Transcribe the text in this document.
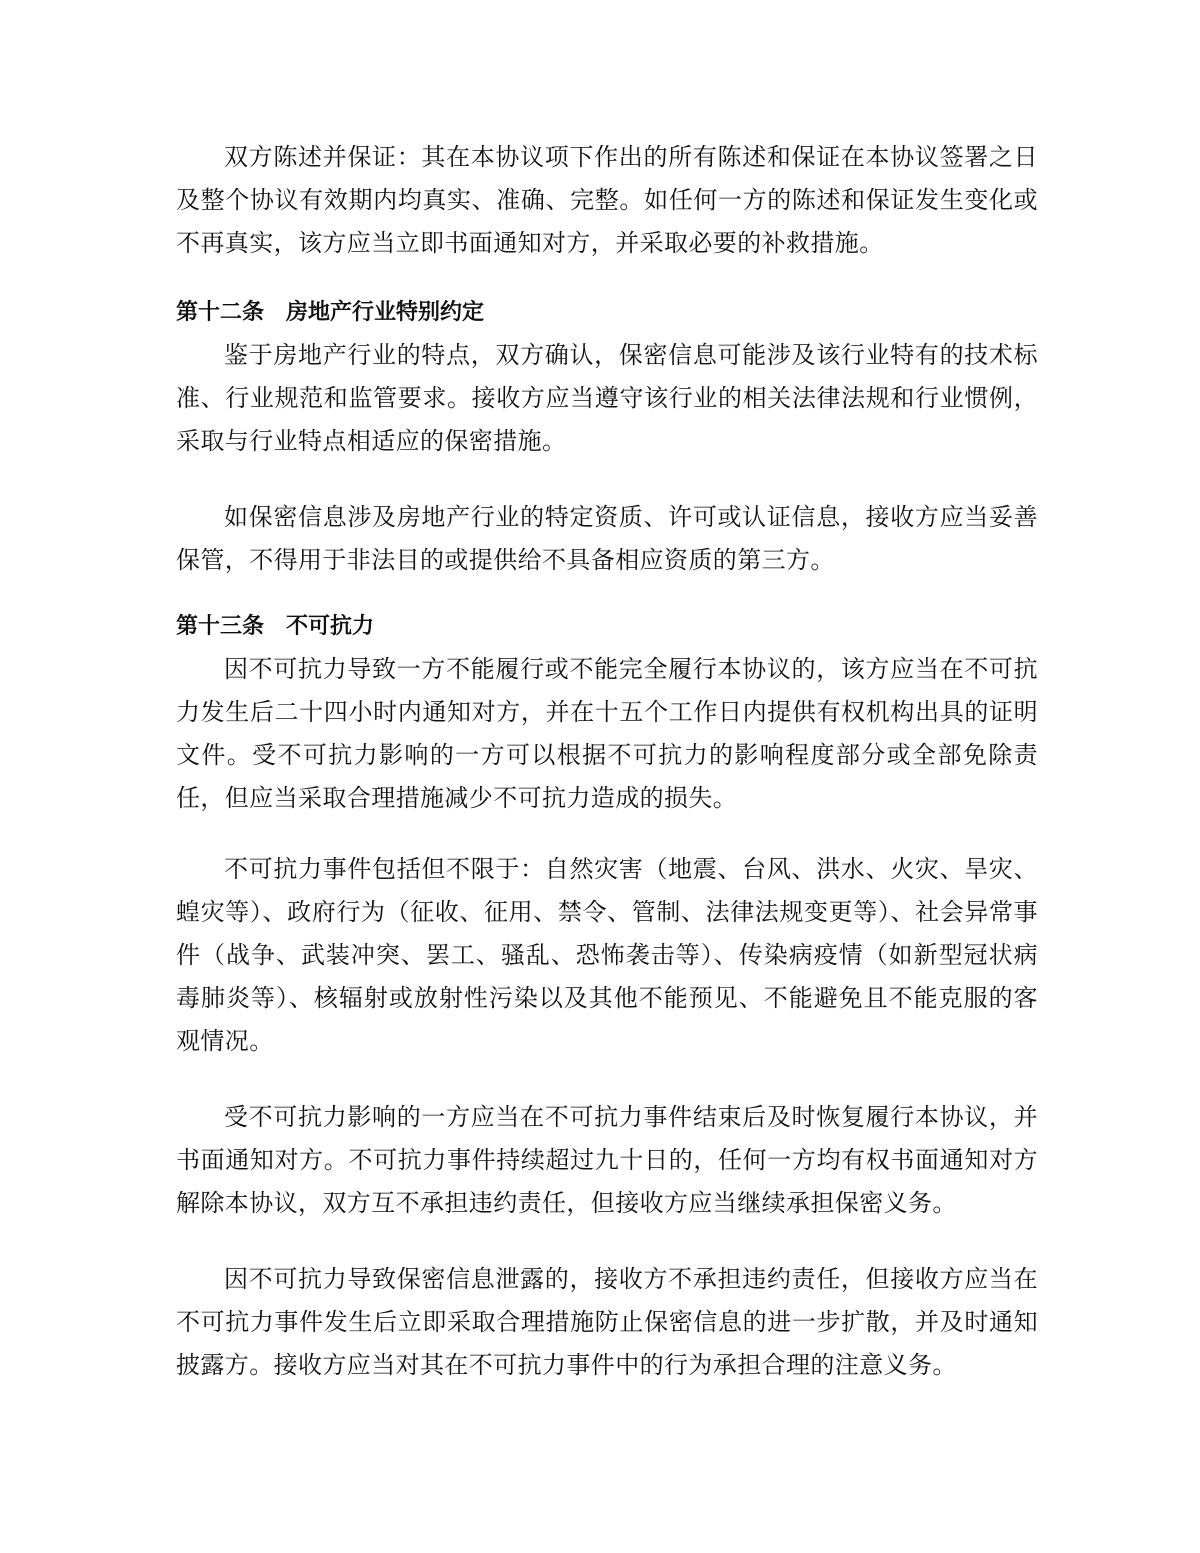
双方陈述并保证：其在本协议项下作出的所有陈述和保证在本协议签署之日及整个协议有效期内均真实、准确、完整。如任何一方的陈述和保证发生变化或不再真实，该方应当立即书面通知对方，并采取必要的补救措施。

第十二条　房地产行业特别约定

鉴于房地产行业的特点，双方确认，保密信息可能涉及该行业特有的技术标准、行业规范和监管要求。接收方应当遵守该行业的相关法律法规和行业惯例，采取与行业特点相适应的保密措施。

如保密信息涉及房地产行业的特定资质、许可或认证信息，接收方应当妥善保管，不得用于非法目的或提供给不具备相应资质的第三方。

第十三条　不可抗力

因不可抗力导致一方不能履行或不能完全履行本协议的，该方应当在不可抗力发生后二十四小时内通知对方，并在十五个工作日内提供有权机构出具的证明文件。受不可抗力影响的一方可以根据不可抗力的影响程度部分或全部免除责任，但应当采取合理措施减少不可抗力造成的损失。

不可抗力事件包括但不限于：自然灾害（地震、台风、洪水、火灾、旱灾、蝗灾等）、政府行为（征收、征用、禁令、管制、法律法规变更等）、社会异常事件（战争、武装冲突、罢工、骚乱、恐怖袭击等）、传染病疫情（如新型冠状病毒肺炎等）、核辐射或放射性污染以及其他不能预见、不能避免且不能克服的客观情况。

受不可抗力影响的一方应当在不可抗力事件结束后及时恢复履行本协议，并书面通知对方。不可抗力事件持续超过九十日的，任何一方均有权书面通知对方解除本协议，双方互不承担违约责任，但接收方应当继续承担保密义务。

因不可抗力导致保密信息泄露的，接收方不承担违约责任，但接收方应当在不可抗力事件发生后立即采取合理措施防止保密信息的进一步扩散，并及时通知披露方。接收方应当对其在不可抗力事件中的行为承担合理的注意义务。
